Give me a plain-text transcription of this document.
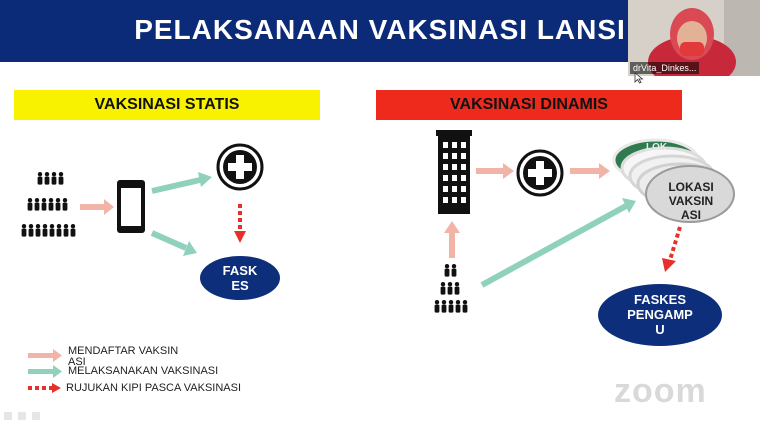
PELAKSANAAN VAKSINASI LANSI
drVita_Dinkes...
VAKSINASI STATIS	VAKSINASI DINAMIS
FASK
ES
FASKES
PENGAMP
U
LOK
LOKASI
VAKSIN
ASI
MENDAFTAR VAKSIN
ASI
MELAKSANAKAN VAKSINASI
RUJUKAN KIPI PASCA VAKSINASI	zoom
